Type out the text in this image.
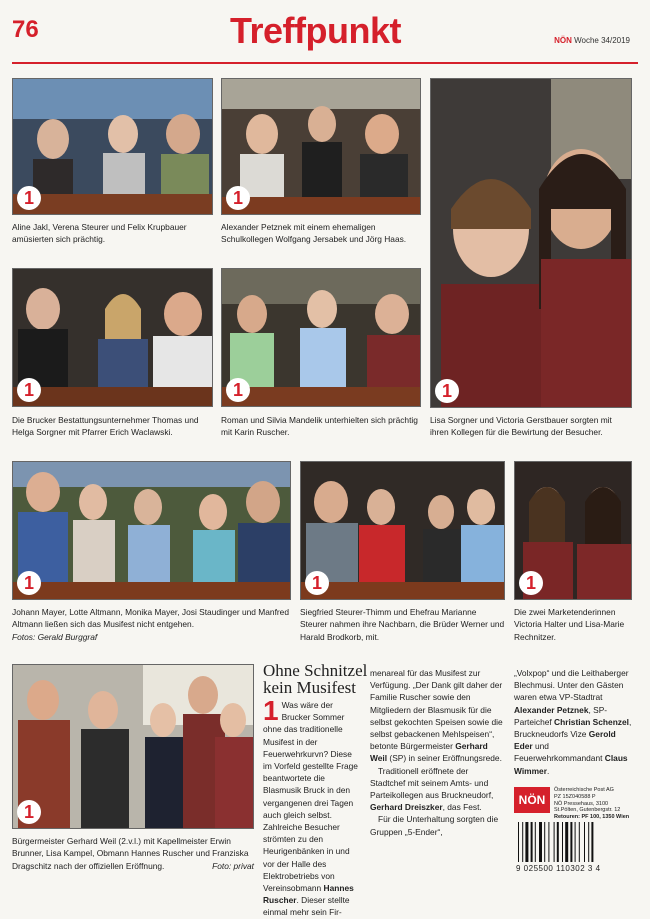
76	Treffpunkt	NÖN Woche 34/2019
1
Aline Jakl, Verena Steurer und Felix Krupbauer amüsierten sich prächtig.
1
Alexander Petznek mit einem ehemaligen Schulkollegen Wolfgang Jersabek und Jörg Haas.
1
Lisa Sorgner und Victoria Gerstbauer sorgten mit ihren Kollegen für die Bewirtung der Besucher.
1
Die Brucker Bestattungsunternehmer Thomas und Helga Sorgner mit Pfarrer Erich Waclawski.
1
Roman und Silvia Mandelik unterhielten sich prächtig mit Karin Ruscher.
1
Johann Mayer, Lotte Altmann, Monika Mayer, Josi Staudinger und Manfred Altmann ließen sich das Musifest nicht entgehen.
Fotos: Gerald Burggraf
1
Siegfried Steurer-Thimm und Ehefrau Marianne Steurer nahmen ihre Nachbarn, die Brüder Werner und Harald Brodkorb, mit.
1
Die zwei Marketenderinnen Victoria Halter und Lisa-Marie Rechnitzer.
1
Bürgermeister Gerhard Weil (2.v.l.) mit Kapellmeister Erwin Brunner, Lisa Kampel, Obmann Hannes Ruscher und Franziska Dragschitz nach der offiziellen Eröffnung.	Foto: privat
Ohne Schnitzel
kein Musifest

1 Was wäre der Brucker Sommer ohne das traditionelle Musifest in der Feuerwehrkurvn? Diese im Vorfeld gestellte Frage beantwortete die Blasmusik Bruck in den vergangenen drei Tagen auch gleich selbst. Zahlreiche Besucher strömten zu den Heurigenbänken in und vor der Halle des Elektrobetriebs von Vereinsobmann Hannes Ruscher. Dieser stellte einmal mehr sein Fir-

menareal für das Musifest zur Verfügung. „Der Dank gilt daher der Familie Ruscher sowie den Mitgliedern der Blasmusik für die selbst gekochten Speisen sowie die selbst gebackenen Mehlspeisen“, betonte Bürgermeister Gerhard Weil (SP) in seiner Eröffnungsrede.

Traditionell eröffnete der Stadtchef mit seinem Amts- und Parteikollegen aus Bruckneudorf, Gerhard Dreiszker, das Fest.

Für die Unterhaltung sorgten die Gruppen „5-Ender“,

„Volxpop“ und die Leithaberger Blechmusi. Unter den Gästen waren etwa VP-Stadtrat Alexander Petznek, SP-Parteichef Christian Schenzel, Bruckneudorfs Vize Gerold Eder und Feuerwehrkommandant Claus Wimmer.

NÖN
Österreichische Post AG
PZ 15Z040588 P
NÖ Pressehaus, 3100
St.Pölten, Gutenbergstr. 12
Retouren: PF 100, 1350 Wien
9 025500 110302 3 4
